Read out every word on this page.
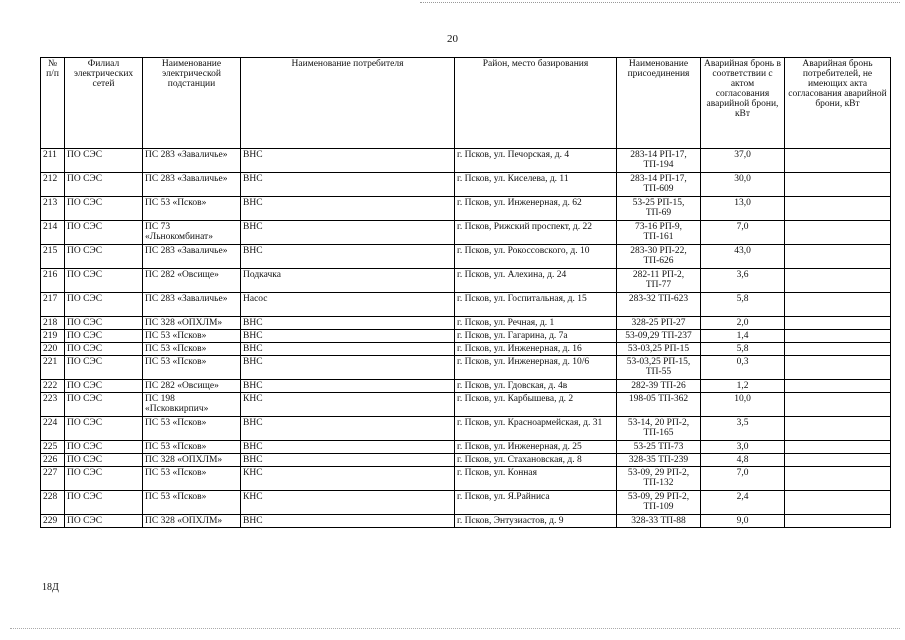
20
№ п/п	Филиал электрических сетей	Наименование электрической подстанции	Наименование потребителя	Район, место базирования	Наименование присоединения	Аварийная бронь в соответствии с актом согласования аварийной брони, кВт	Аварийная бронь потребителей, не имеющих акта согласования аварийной брони, кВт
211	ПО СЭС	ПС 283 «Заваличье»	ВНС	г. Псков, ул. Печорская, д. 4	283-14 РП-17, ТП-194	37,0	
212	ПО СЭС	ПС 283 «Заваличье»	ВНС	г. Псков, ул. Киселева, д. 11	283-14 РП-17, ТП-609	30,0	
213	ПО СЭС	ПС 53 «Псков»	ВНС	г. Псков, ул. Инженерная, д. 62	53-25 РП-15, ТП-69	13,0	
214	ПО СЭС	ПС 73 «Льнокомбинат»	ВНС	г. Псков, Рижский проспект, д. 22	73-16 РП-9, ТП-161	7,0	
215	ПО СЭС	ПС 283 «Заваличье»	ВНС	г. Псков, ул. Рокоссовского, д. 10	283-30 РП-22, ТП-626	43,0	
216	ПО СЭС	ПС 282 «Овсище»	Подкачка	г. Псков, ул. Алехина, д. 24	282-11 РП-2, ТП-77	3,6	
217	ПО СЭС	ПС 283 «Заваличье»	Насос	г. Псков, ул. Госпитальная, д. 15	283-32 ТП-623	5,8	
218	ПО СЭС	ПС 328 «ОПХЛМ»	ВНС	г. Псков, ул. Речная, д. 1	328-25 РП-27	2,0	
219	ПО СЭС	ПС 53 «Псков»	ВНС	г. Псков, ул. Гагарина, д. 7а	53-09,29 ТП-237	1,4	
220	ПО СЭС	ПС 53 «Псков»	ВНС	г. Псков, ул. Инженерная, д. 16	53-03,25 РП-15	5,8	
221	ПО СЭС	ПС 53 «Псков»	ВНС	г. Псков, ул. Инженерная, д. 10/6	53-03,25 РП-15, ТП-55	0,3	
222	ПО СЭС	ПС 282 «Овсище»	ВНС	г. Псков, ул. Гдовская, д. 4в	282-39 ТП-26	1,2	
223	ПО СЭС	ПС 198 «Псковкирпич»	КНС	г. Псков, ул. Карбышева, д. 2	198-05 ТП-362	10,0	
224	ПО СЭС	ПС 53 «Псков»	ВНС	г. Псков, ул. Красноармейская, д. 31	53-14, 20 РП-2, ТП-165	3,5	
225	ПО СЭС	ПС 53 «Псков»	ВНС	г. Псков, ул. Инженерная, д. 25	53-25 ТП-73	3,0	
226	ПО СЭС	ПС 328 «ОПХЛМ»	ВНС	г. Псков, ул. Стахановская, д. 8	328-35 ТП-239	4,8	
227	ПО СЭС	ПС 53 «Псков»	КНС	г. Псков, ул. Конная	53-09, 29 РП-2, ТП-132	7,0	
228	ПО СЭС	ПС 53 «Псков»	КНС	г. Псков, ул. Я.Райниса	53-09, 29 РП-2, ТП-109	2,4	
229	ПО СЭС	ПС 328 «ОПХЛМ»	ВНС	г. Псков, Энтузиастов, д. 9	328-33 ТП-88	9,0	
18Д
